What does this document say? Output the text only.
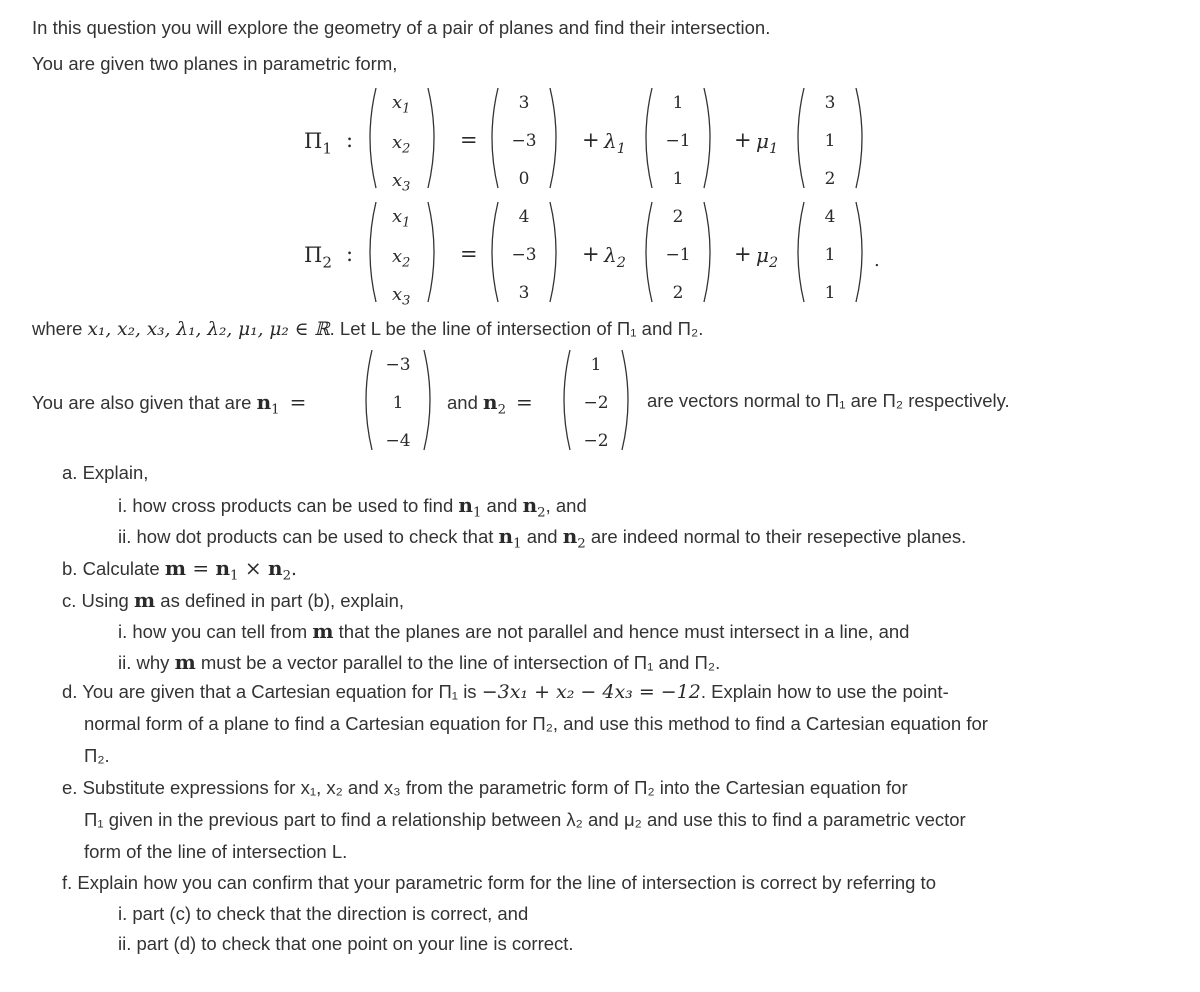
In this question you will explore the geometry of a pair of planes and find their intersection.
You are given two planes in parametric form,
$\Pi_1$ :
$x_1$
$x_2$
$x_3$
=
3
−3
0
+ $\lambda_1$
1
−1
1
+ $\mu_1$
3
1
2
$\Pi_2$ :
$x_1$
$x_2$
$x_3$
=
4
−3
3
+ $\lambda_2$
2
−1
2
+ $\mu_2$
4
1
1
.
where x₁, x₂, x₃, λ₁, λ₂, μ₁, μ₂ ∈ ℝ. Let L be the line of intersection of Π₁ and Π₂.
You are also given that are $n_1$ =
−3
1
−4
and $n_2$ =
1
−2
−2
are vectors normal to Π₁ are Π₂ respectively.
a. Explain,
i. how cross products can be used to find $n_1$ and $n_2$, and
ii. how dot products can be used to check that $n_1$ and $n_2$ are indeed normal to their resepective planes.
b. Calculate $m = n_1 \times n_2$.
c. Using m as defined in part (b), explain,
i. how you can tell from m that the planes are not parallel and hence must intersect in a line, and
ii. why m must be a vector parallel to the line of intersection of Π₁ and Π₂.
d. You are given that a Cartesian equation for Π₁ is −3x₁ + x₂ − 4x₃ = −12. Explain how to use the point-
normal form of a plane to find a Cartesian equation for Π₂, and use this method to find a Cartesian equation for
Π₂.
e. Substitute expressions for x₁, x₂ and x₃ from the parametric form of Π₂ into the Cartesian equation for
Π₁ given in the previous part to find a relationship between λ₂ and μ₂ and use this to find a parametric vector
form of the line of intersection L.
f. Explain how you can confirm that your parametric form for the line of intersection is correct by referring to
i. part (c) to check that the direction is correct, and
ii. part (d) to check that one point on your line is correct.
